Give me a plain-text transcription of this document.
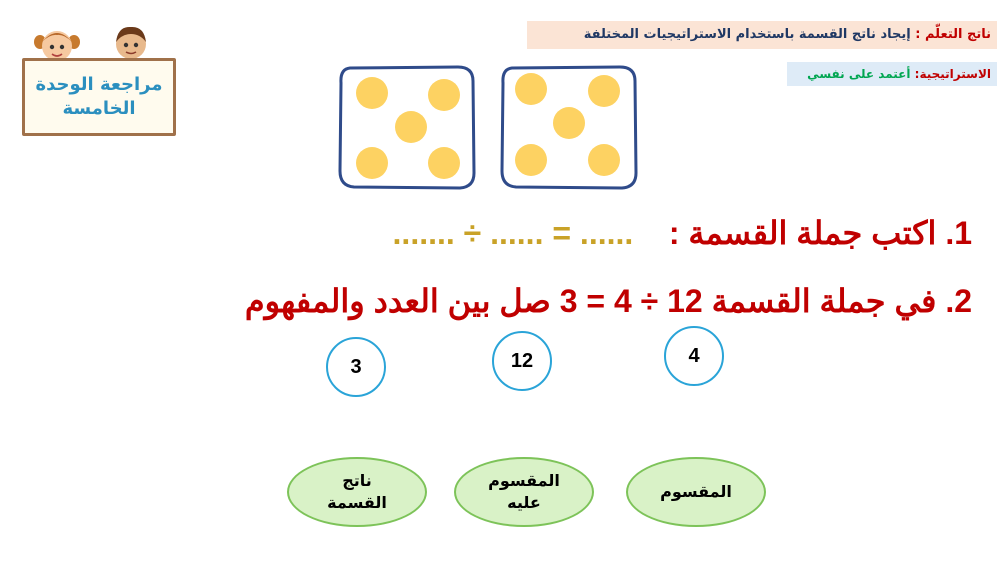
ناتج التعلّم : إيجاد ناتج القسمة باستخدام الاستراتيجيات المختلفة
الاستراتيجية: أعتمد على نفسي
مراجعة الوحدة
الخامسة
1. اكتب جملة القسمة :    ...... = ...... ÷ .......
2. في جملة القسمة 3 = 4 ÷ 12 صل بين العدد والمفهوم
3	12	4
ناتج
القسمة
المقسوم
عليه
المقسوم
